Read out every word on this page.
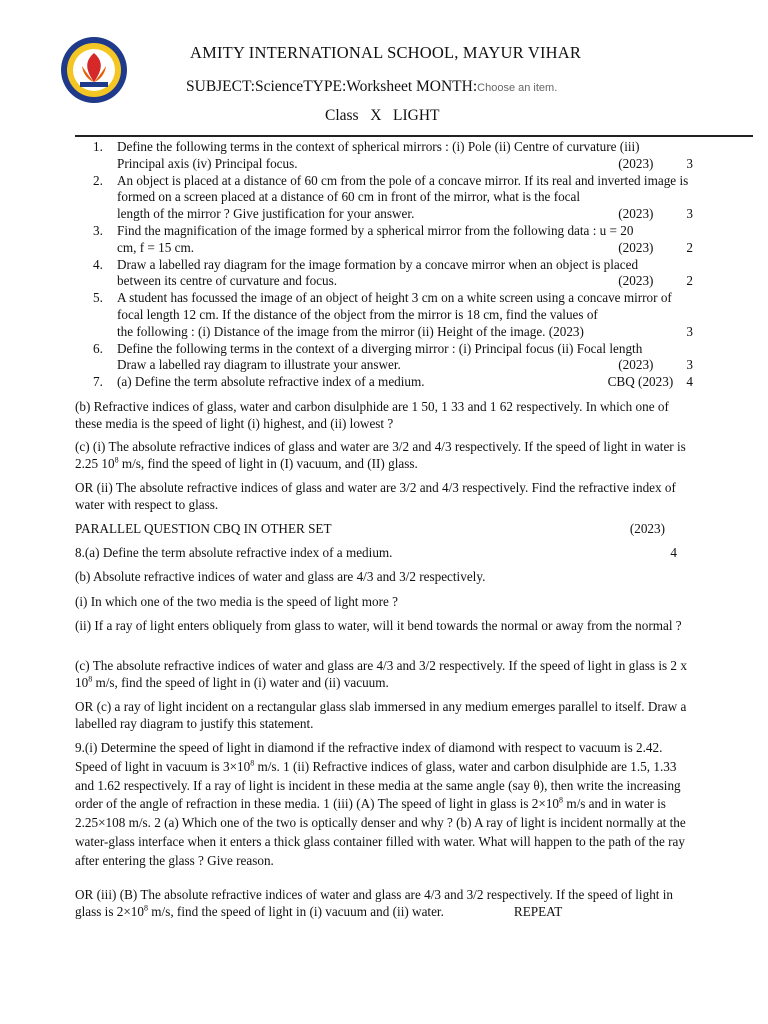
AMITY INTERNATIONAL SCHOOL, MAYUR VIHAR
SUBJECT:ScienceTYPE:Worksheet MONTH:Choose an item.
Class   X   LIGHT
1.	Define the following terms in the context of spherical mirrors : (i) Pole (ii) Centre of curvature (iii)
Principal axis (iv) Principal focus.	(2023)          3
2.	An object is placed at a distance of 60 cm from the pole of a concave mirror. If its real and inverted image is formed on a screen placed at a distance of 60 cm in front of the mirror, what is the focal
length of the mirror ? Give justification for your answer.	(2023)          3
3.	Find the magnification of the image formed by a spherical mirror from the following data : u = 20
cm, f = 15 cm.	(2023)          2
4.	Draw a labelled ray diagram for the image formation by a concave mirror when an object is placed
between its centre of curvature and focus.	(2023)          2
5.	A student has focussed the image of an object of height 3 cm on a white screen using a concave mirror of focal length 12 cm. If the distance of the object from the mirror is 18 cm, find the values of
the following : (i) Distance of the image from the mirror (ii) Height of the image. (2023)	3
6.	Define the following terms in the context of a diverging mirror : (i) Principal focus (ii) Focal length
Draw a labelled ray diagram to illustrate your answer.	(2023)          3
7.	(a) Define the term absolute refractive index of a medium.	CBQ (2023)    4
(b) Refractive indices of glass, water and carbon disulphide are 1 50, 1 33 and 1 62 respectively. In which one of these media is the speed of light (i) highest, and (ii) lowest ?
(c) (i) The absolute refractive indices of glass and water are 3/2 and 4/3 respectively. If the speed of light in water is 2.25 $10^8$ m/s, find the speed of light in (I) vacuum, and (II) glass.
OR (ii) The absolute refractive indices of glass and water are 3/2 and 4/3 respectively. Find the refractive index of water with respect to glass.
PARALLEL QUESTION CBQ IN OTHER SET	(2023)
8.(a) Define the term absolute refractive index of a medium.	4
(b) Absolute refractive indices of water and glass are 4/3 and 3/2 respectively.
(i) In which one of the two media is the speed of light more ?
(ii) If a ray of light enters obliquely from glass to water, will it bend towards the normal or away from the normal ?
(c) The absolute refractive indices of water and glass are 4/3 and 3/2 respectively. If the speed of light in glass is 2 x $10^8$ m/s, find the speed of light in (i) water and (ii) vacuum.
OR (c) a ray of light incident on a rectangular glass slab immersed in any medium emerges parallel to itself. Draw a labelled ray diagram to justify this statement.
9.(i) Determine the speed of light in diamond if the refractive index of diamond with respect to vacuum is 2.42. Speed of light in vacuum is $3\times 10^8$ m/s. 1 (ii) Refractive indices of glass, water and carbon disulphide are 1.5, 1.33 and 1.62 respectively. If a ray of light is incident in these media at the same angle (say θ), then write the increasing order of the angle of refraction in these media. 1 (iii) (A) The speed of light in glass is $2\times 10^8$ m/s and in water is 2.25×108 m/s. 2 (a) Which one of the two is optically denser and why ? (b) A ray of light is incident normally at the water-glass interface when it enters a thick glass container filled with water. What will happen to the path of the ray after entering the glass ? Give reason.
OR (iii) (B) The absolute refractive indices of water and glass are 4/3 and 3/2 respectively. If the speed of light in glass is $2\times 10^8$ m/s, find the speed of light in (i) vacuum and (ii) water.	REPEAT
